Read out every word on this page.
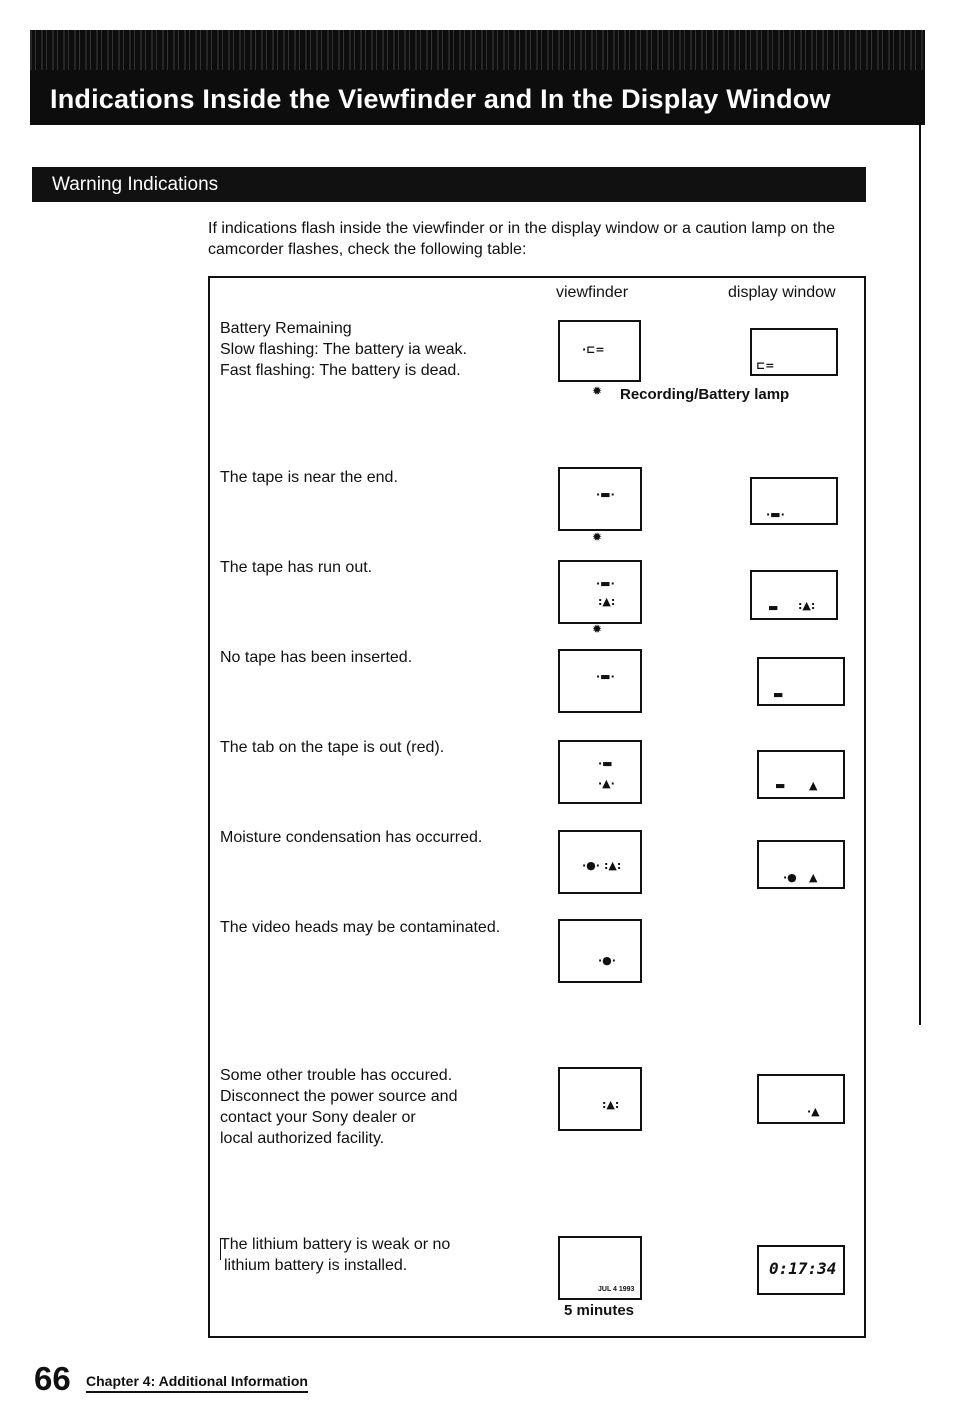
Indications Inside the Viewfinder and In the Display Window
Warning Indications
If indications flash inside the viewfinder or in the display window or a caution lamp on the camcorder flashes, check the following table:
viewfinder	display window
Battery Remaining
Slow flashing: The battery ia weak.
Fast flashing: The battery is dead.
·⊏=
⊏=
✹ Recording/Battery lamp
The tape is near the end.
·▬·
✹
·▬·
The tape has run out.
·▬·
:▲:
✹
▬ :▲:
No tape has been inserted.
·▬·
▬
The tab on the tape is out (red).
·▬
·▲·	▬ ▲
Moisture condensation has occurred.
·●· :▲:
·● ▲
The video heads may be contaminated.
·●·
Some other trouble has occured.
Disconnect the power source and
contact your Sony dealer or
local authorized facility.
:▲:
·▲
The lithium battery is weak or no
lithium battery is installed.
JUL 4 1993
5 minutes
0:17:34
66 Chapter 4: Additional Information
